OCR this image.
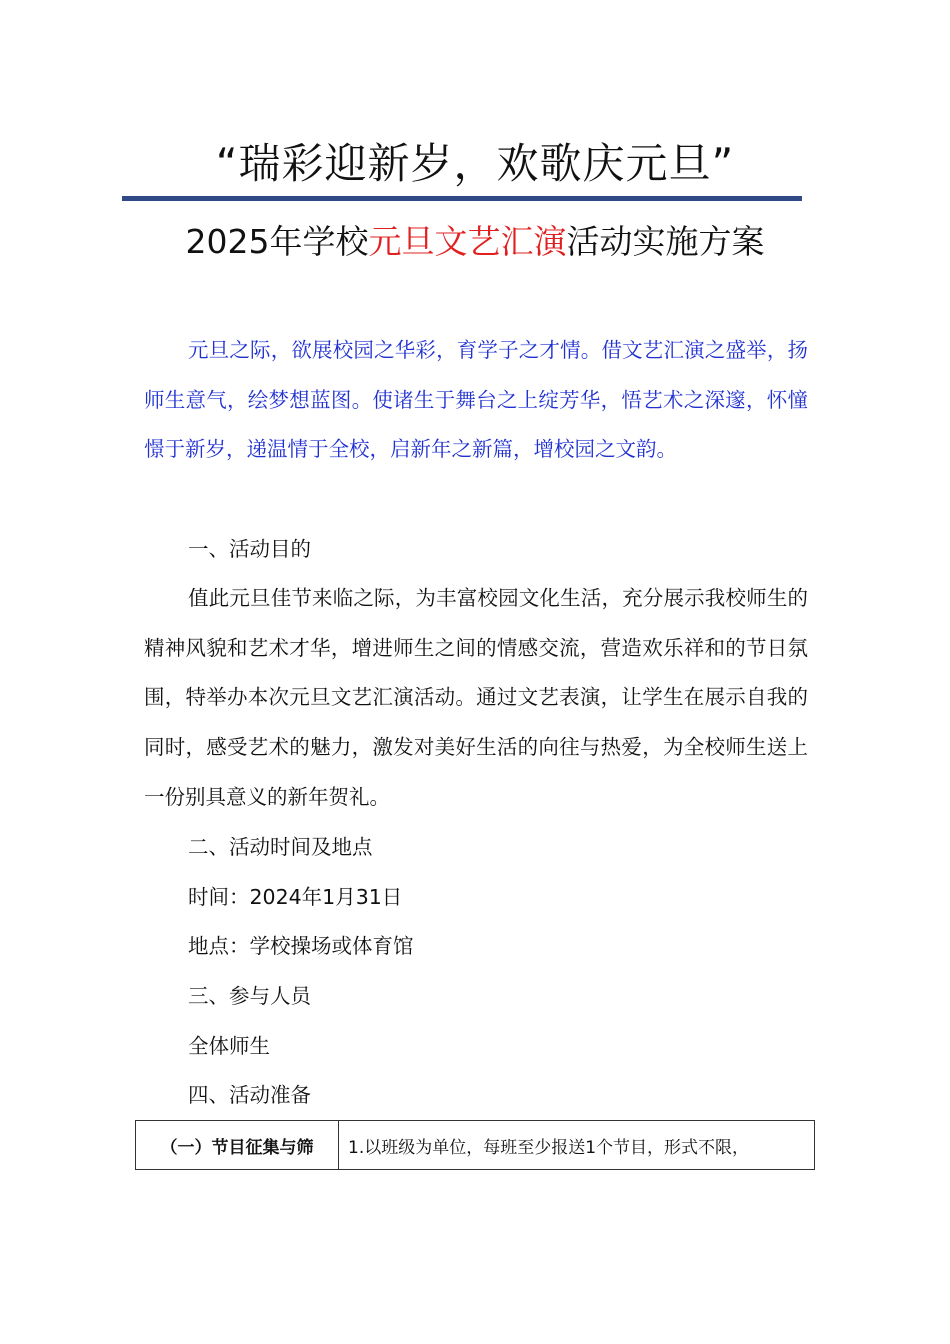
“瑞彩迎新岁，欢歌庆元旦”
2025年学校元旦文艺汇演活动实施方案

元旦之际，欲展校园之华彩，育学子之才情。借文艺汇演之盛举，扬师生意气，绘梦想蓝图。使诸生于舞台之上绽芳华，悟艺术之深邃，怀憧憬于新岁，递温情于全校，启新年之新篇，增校园之文韵。

一、活动目的

值此元旦佳节来临之际，为丰富校园文化生活，充分展示我校师生的精神风貌和艺术才华，增进师生之间的情感交流，营造欢乐祥和的节日氛围，特举办本次元旦文艺汇演活动。通过文艺表演，让学生在展示自我的同时，感受艺术的魅力，激发对美好生活的向往与热爱，为全校师生送上一份别具意义的新年贺礼。

二、活动时间及地点

时间：2024年1月31日

地点：学校操场或体育馆

三、参与人员

全体师生

四、活动准备

（一）节目征集与筛	1.以班级为单位，每班至少报送1个节目，形式不限，
